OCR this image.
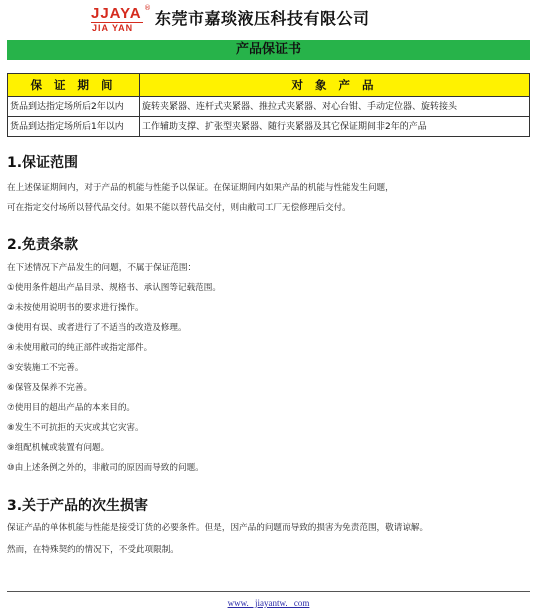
JJAYA ®
JIA YAN 东莞市嘉琰液压科技有限公司
产品保证书
保 证 期 间	对 象 产 品
货品到达指定场所后2年以内	旋转夹紧器、连杆式夹紧器、推拉式夹紧器、对心台钳、手动定位器、旋转接头
货品到达指定场所后1年以内	工作辅助支撑、扩张型夹紧器、随行夹紧器及其它保证期间非2年的产品
1.保证范围
在上述保证期间内，对于产品的机能与性能予以保证。在保证期间内如果产品的机能与性能发生问题，
可在指定交付场所以替代品交付。如果不能以替代品交付，则由敝司工厂无偿修理后交付。
2.免责条款
在下述情况下产品发生的问题，不属于保证范围：
①使用条件超出产品目录、规格书、承认图等记载范围。
②未按使用说明书的要求进行操作。
③使用有误、或者进行了不适当的改造及修理。
④未使用敝司的纯正部件或指定部件。
⑤安装施工不完善。
⑥保管及保养不完善。
⑦使用目的超出产品的本来目的。
⑧发生不可抗拒的天灾或其它灾害。
⑨组配机械或装置有问题。
⑩由上述条例之外的，非敝司的原因而导致的问题。
3.关于产品的次生损害
保证产品的单体机能与性能是接受订货的必要条件。但是，因产品的问题而导致的损害为免责范围，敬请谅解。
然而，在特殊契约的情况下，不受此项限制。
www. jiayantw. com
